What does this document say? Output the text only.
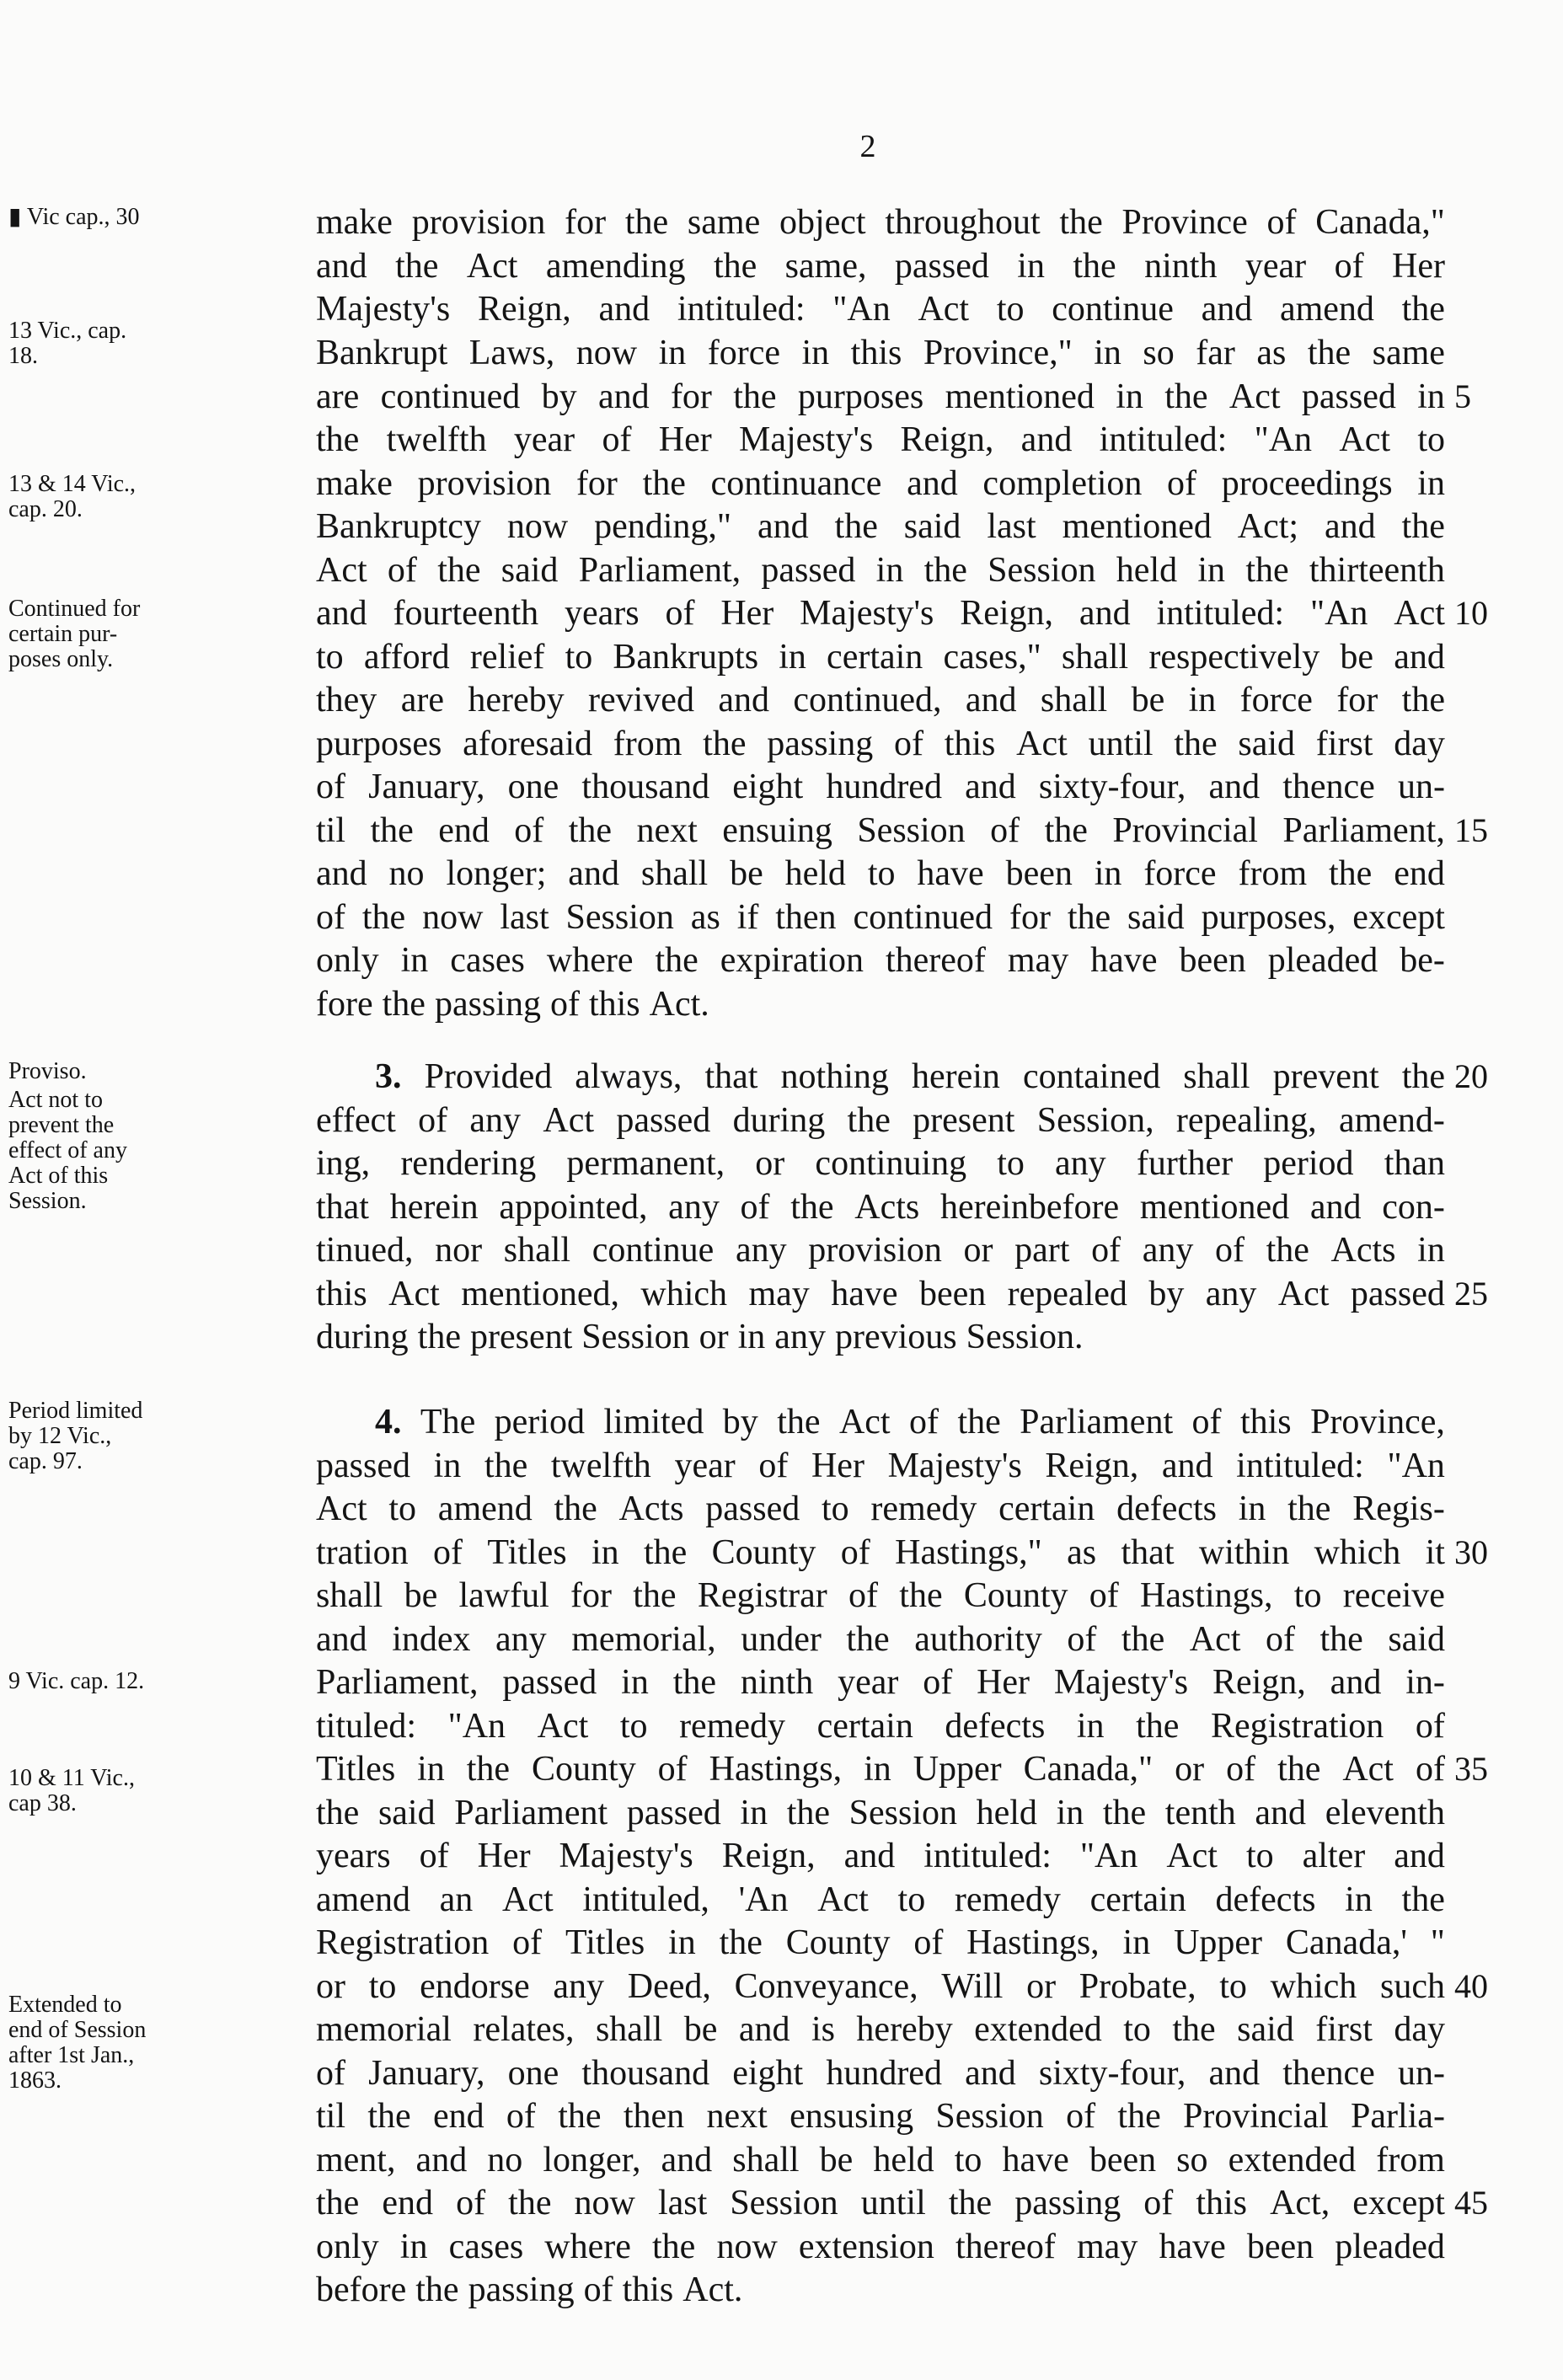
2
▮ Vic cap., 30	make provision for the same object throughout the Province of Canada,"
and the Act amending the same, passed in the ninth year of Her
Majesty's Reign, and intituled: "An Act to continue and amend the
13 Vic., cap.
18.	Bankrupt Laws, now in force in this Province," in so far as the same
are continued by and for the purposes mentioned in the Act passed in 5
the twelfth year of Her Majesty's Reign, and intituled: "An Act to
13 & 14 Vic.,
cap. 20.
make provision for the continuance and completion of proceedings in
Bankruptcy now pending," and the said last mentioned Act; and the
Act of the said Parliament, passed in the Session held in the thirteenth
Continued for
certain pur-
poses only.
and fourteenth years of Her Majesty's Reign, and intituled: "An Act 10
to afford relief to Bankrupts in certain cases," shall respectively be and
they are hereby revived and continued, and shall be in force for the
purposes aforesaid from the passing of this Act until the said first day
of January, one thousand eight hundred and sixty-four, and thence un-
til the end of the next ensuing Session of the Provincial Parliament, 15
and no longer; and shall be held to have been in force from the end
of the now last Session as if then continued for the said purposes, except
only in cases where the expiration thereof may have been pleaded be-
fore the passing of this Act.
Proviso.
Act not to
prevent the
effect of any
Act of this
Session.
3. Provided always, that nothing herein contained shall prevent the 20
effect of any Act passed during the present Session, repealing, amend-
ing, rendering permanent, or continuing to any further period than
that herein appointed, any of the Acts hereinbefore mentioned and con-
tinued, nor shall continue any provision or part of any of the Acts in
this Act mentioned, which may have been repealed by any Act passed 25
during the present Session or in any previous Session.
Period limited
by 12 Vic.,
cap. 97.
4. The period limited by the Act of the Parliament of this Province,
passed in the twelfth year of Her Majesty's Reign, and intituled: "An
Act to amend the Acts passed to remedy certain defects in the Regis-
tration of Titles in the County of Hastings," as that within which it 30
shall be lawful for the Registrar of the County of Hastings, to receive
and index any memorial, under the authority of the Act of the said
9 Vic. cap. 12.	Parliament, passed in the ninth year of Her Majesty's Reign, and in-
tituled: "An Act to remedy certain defects in the Registration of
Titles in the County of Hastings, in Upper Canada," or of the Act of 35
10 & 11 Vic.,
cap 38.	the said Parliament passed in the Session held in the tenth and eleventh
years of Her Majesty's Reign, and intituled: "An Act to alter and
amend an Act intituled, 'An Act to remedy certain defects in the
Registration of Titles in the County of Hastings, in Upper Canada,' "
or to endorse any Deed, Conveyance, Will or Probate, to which such 40
Extended to
end of Session
after 1st Jan.,
1863.
memorial relates, shall be and is hereby extended to the said first day
of January, one thousand eight hundred and sixty-four, and thence un-
til the end of the then next ensusing Session of the Provincial Parlia-
ment, and no longer, and shall be held to have been so extended from
the end of the now last Session until the passing of this Act, except 45
only in cases where the now extension thereof may have been pleaded
before the passing of this Act.
